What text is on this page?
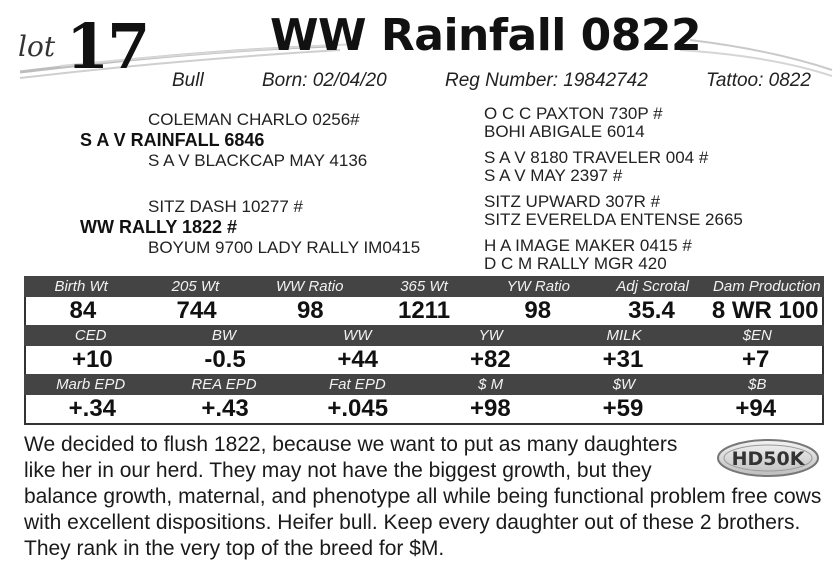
lot 17	WW Rainfall 0822
Bull	Born: 02/04/20	Reg Number: 19842742	Tattoo: 0822
COLEMAN CHARLO 0256#
S A V RAINFALL 6846
S A V BLACKCAP MAY 4136
SITZ DASH 10277 #
WW RALLY 1822 #
BOYUM 9700 LADY RALLY IM0415
O C C PAXTON 730P #
BOHI ABIGALE 6014
S A V 8180 TRAVELER 004 #
S A V MAY 2397 #
SITZ UPWARD 307R #
SITZ EVERELDA ENTENSE 2665
H A IMAGE MAKER 0415 #
D C M RALLY MGR 420
Birth Wt	205 Wt	WW Ratio	365 Wt	YW Ratio	Adj Scrotal	Dam Production
84	744	98	1211	98	35.4	8 WR 100
CED	BW	WW	YW	MILK	$EN
+10	-0.5	+44	+82	+31	+7
Marb EPD	REA EPD	Fat EPD	$ M	$W	$B
+.34	+.43	+.045	+98	+59	+94
HD50K
We decided to flush 1822, because we want to put as many daughters like her in our herd. They may not have the biggest growth, but they balance growth, maternal, and phenotype all while being functional problem free cows with excellent dispositions. Heifer bull. Keep every daughter out of these 2 brothers. They rank in the very top of the breed for $M.
